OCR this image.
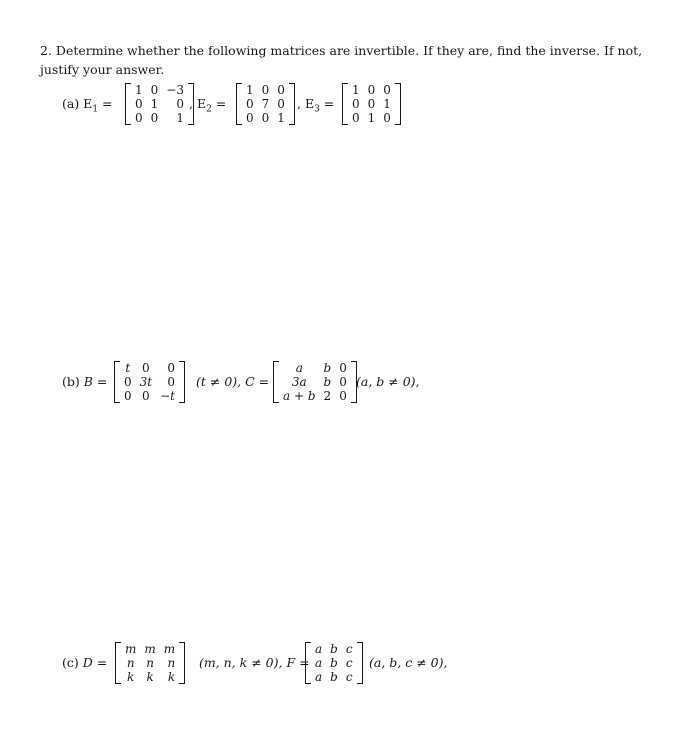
2. Determine whether the following matrices are invertible. If they are, find the inverse. If not, justify your answer.
(a) $E_1$ =
1	0	−3
0	1	0
0	0	1
, $E_2$ =
1	0	0
0	7	0
0	0	1
, $E_3$ =
1	0	0
0	0	1
0	1	0
(b) B =
t	0	0
0	3t	0
0	0	−t
(t ≠ 0), C =
a	b	0
3a	b	0
a + b	2	0
(a, b ≠ 0),
(c) D =
m	m	m
n	n	n
k	k	k
(m, n, k ≠ 0), F =
a	b	c
a	b	c
a	b	c
(a, b, c ≠ 0),
